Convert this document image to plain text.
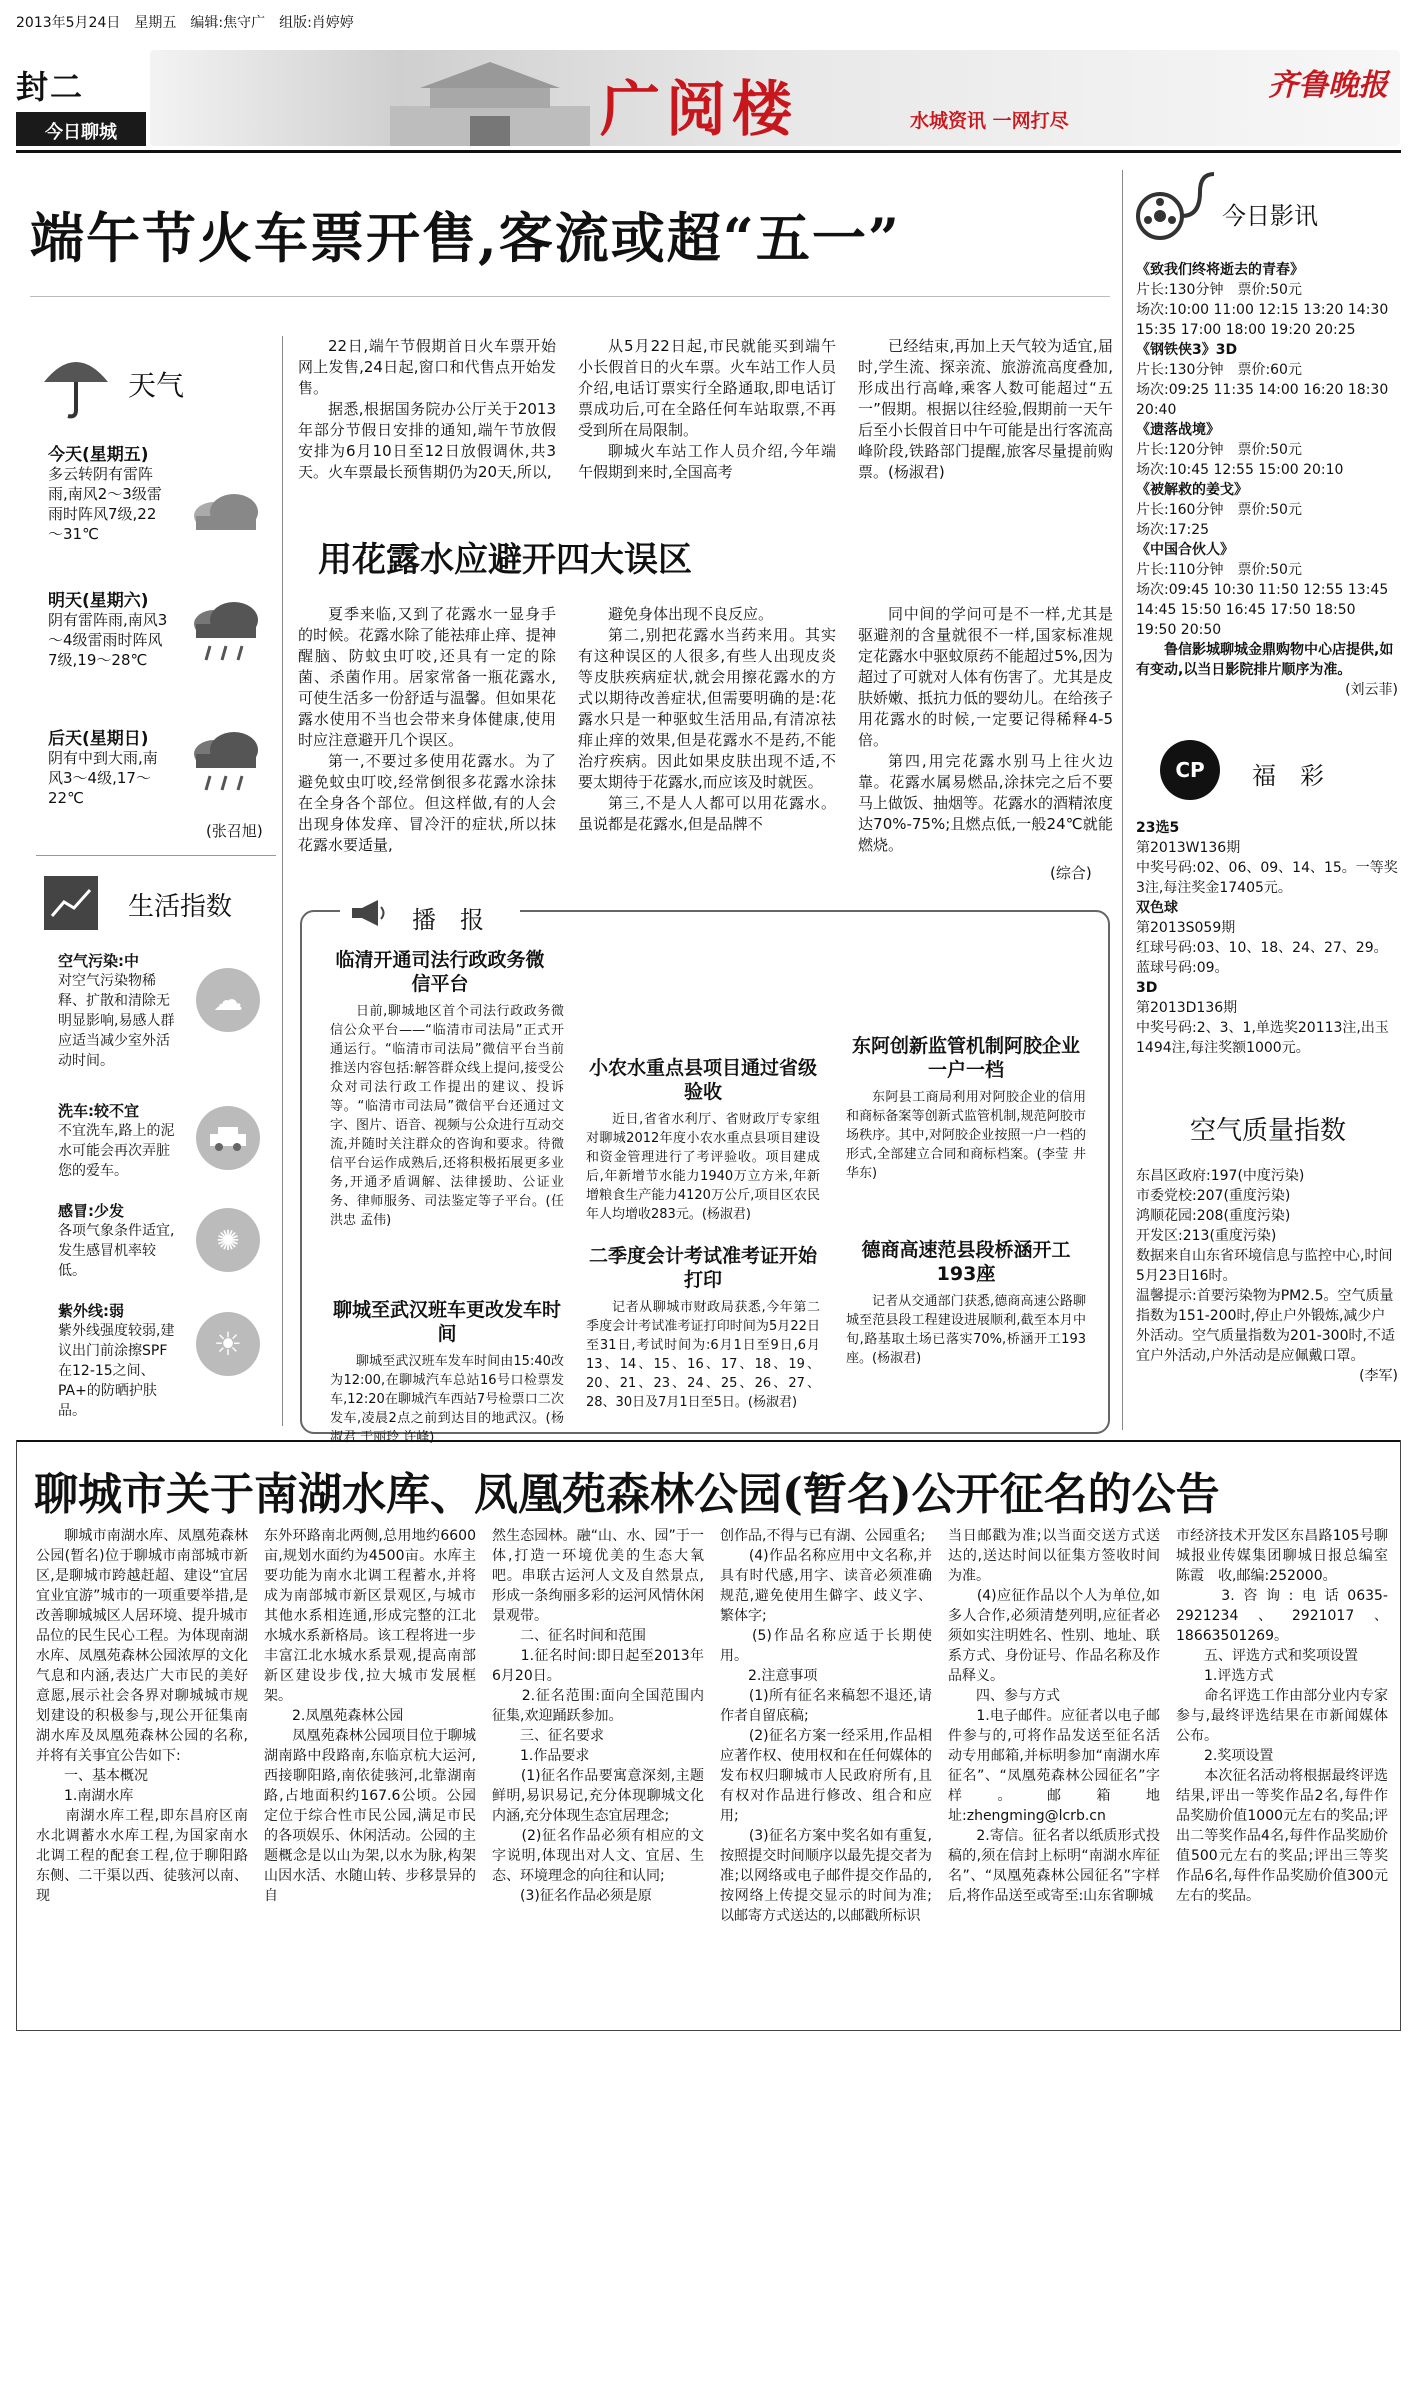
2013年5月24日　星期五　编辑:焦守广　组版:肖婷婷
封二
今日聊城	广阅楼	水城资讯 一网打尽
齐鲁晚报
端午节火车票开售,客流或超“五一”

22日,端午节假期首日火车票开始网上发售,24日起,窗口和代售点开始发售。

据悉,根据国务院办公厅关于2013年部分节假日安排的通知,端午节放假安排为6月10日至12日放假调休,共3天。火车票最长预售期仍为20天,所以,

从5月22日起,市民就能买到端午小长假首日的火车票。火车站工作人员介绍,电话订票实行全路通取,即电话订票成功后,可在全路任何车站取票,不再受到所在局限制。

聊城火车站工作人员介绍,今年端午假期到来时,全国高考

已经结束,再加上天气较为适宜,届时,学生流、探亲流、旅游流高度叠加,形成出行高峰,乘客人数可能超过“五一”假期。根据以往经验,假期前一天午后至小长假首日中午可能是出行客流高峰阶段,铁路部门提醒,旅客尽量提前购票。(杨淑君)

天气
今天(星期五)
多云转阴有雷阵雨,南风2～3级雷雨时阵风7级,22～31℃
明天(星期六)
阴有雷阵雨,南风3～4级雷雨时阵风7级,19～28℃
后天(星期日)
阴有中到大雨,南风3～4级,17～22℃
(张召旭)
生活指数
空气污染:中
对空气污染物稀释、扩散和清除无明显影响,易感人群应适当减少室外活动时间。
☁
洗车:较不宜
不宜洗车,路上的泥水可能会再次弄脏您的爱车。
感冒:少发
各项气象条件适宜,发生感冒机率较低。
✺
紫外线:弱
紫外线强度较弱,建议出门前涂擦SPF在12-15之间、PA+的防晒护肤品。
☀
用花露水应避开四大误区

夏季来临,又到了花露水一显身手的时候。花露水除了能祛痱止痒、提神醒脑、防蚊虫叮咬,还具有一定的除菌、杀菌作用。居家常备一瓶花露水,可使生活多一份舒适与温馨。但如果花露水使用不当也会带来身体健康,使用时应注意避开几个误区。

第一,不要过多使用花露水。为了避免蚊虫叮咬,经常倒很多花露水涂抹在全身各个部位。但这样做,有的人会出现身体发痒、冒冷汗的症状,所以抹花露水要适量,

避免身体出现不良反应。

第二,别把花露水当药来用。其实有这种误区的人很多,有些人出现皮炎等皮肤疾病症状,就会用擦花露水的方式以期待改善症状,但需要明确的是:花露水只是一种驱蚊生活用品,有清凉祛痱止痒的效果,但是花露水不是药,不能治疗疾病。因此如果皮肤出现不适,不要太期待于花露水,而应该及时就医。

第三,不是人人都可以用花露水。虽说都是花露水,但是品牌不

同中间的学问可是不一样,尤其是驱避剂的含量就很不一样,国家标准规定花露水中驱蚊原药不能超过5%,因为超过了可就对人体有伤害了。尤其是皮肤娇嫩、抵抗力低的婴幼儿。在给孩子用花露水的时候,一定要记得稀释4-5倍。

第四,用完花露水别马上往火边靠。花露水属易燃品,涂抹完之后不要马上做饭、抽烟等。花露水的酒精浓度达70%-75%;且燃点低,一般24℃就能燃烧。

(综合)
播　报
临清开通司法行政政务微信平台
日前,聊城地区首个司法行政政务微信公众平台——“临清市司法局”正式开通运行。“临清市司法局”微信平台当前推送内容包括:解答群众线上提问,接受公众对司法行政工作提出的建议、投诉等。“临清市司法局”微信平台还通过文字、图片、语音、视频与公众进行互动交流,并随时关注群众的咨询和要求。待微信平台运作成熟后,还将积极拓展更多业务,开通矛盾调解、法律援助、公证业务、律师服务、司法鉴定等子平台。(任洪忠 孟伟)
聊城至武汉班车更改发车时间
聊城至武汉班车发车时间由15:40改为12:00,在聊城汽车总站16号口检票发车,12:20在聊城汽车西站7号检票口二次发车,凌晨2点之前到达目的地武汉。(杨淑君 于丽玲 许峰)
小农水重点县项目通过省级验收
近日,省省水利厅、省财政厅专家组对聊城2012年度小农水重点县项目建设和资金管理进行了考评验收。项目建成后,年新增节水能力1940万立方米,年新增粮食生产能力4120万公斤,项目区农民年人均增收283元。(杨淑君)
二季度会计考试准考证开始打印
记者从聊城市财政局获悉,今年第二季度会计考试准考证打印时间为5月22日至31日,考试时间为:6月1日至9日,6月13、14、15、16、17、18、19、20、21、23、24、25、26、27、28、30日及7月1日至5日。(杨淑君)
东阿创新监管机制阿胶企业一户一档
东阿县工商局利用对阿胶企业的信用和商标备案等创新式监管机制,规范阿胶市场秩序。其中,对阿胶企业按照一户一档的形式,全部建立合同和商标档案。(李莹 井华东)
德商高速范县段桥涵开工193座
记者从交通部门获悉,德商高速公路聊城至范县段工程建设进展顺利,截至本月中旬,路基取土场已落实70%,桥涵开工193座。(杨淑君)
今日影讯
《致我们终将逝去的青春》
片长:130分钟　票价:50元
场次:10:00 11:00 12:15 13:20 14:30 15:35 17:00 18:00 19:20 20:25
《钢铁侠3》3D
片长:130分钟　票价:60元
场次:09:25 11:35 14:00 16:20 18:30 20:40
《遗落战境》
片长:120分钟　票价:50元
场次:10:45 12:55 15:00 20:10
《被解救的姜戈》
片长:160分钟　票价:50元
场次:17:25
《中国合伙人》
片长:110分钟　票价:50元
场次:09:45 10:30 11:50 12:55 13:45 14:45 15:50 16:45 17:50 18:50 19:50 20:50
鲁信影城聊城金鼎购物中心店提供,如有变动,以当日影院排片顺序为准。
(刘云菲)
CP 福　彩
23选5
第2013W136期
中奖号码:02、06、09、14、15。一等奖3注,每注奖金17405元。
双色球
第2013S059期
红球号码:03、10、18、24、27、29。
蓝球号码:09。
3D
第2013D136期
中奖号码:2、3、1,单选奖20113注,出玉1494注,每注奖额1000元。
空气质量指数
东昌区政府:197(中度污染)
市委党校:207(重度污染)
鸿顺花园:208(重度污染)
开发区:213(重度污染)
数据来自山东省环境信息与监控中心,时间5月23日16时。
温馨提示:首要污染物为PM2.5。空气质量指数为151-200时,停止户外锻炼,减少户外活动。空气质量指数为201-300时,不适宜户外活动,户外活动是应佩戴口罩。
(李军)
聊城市关于南湖水库、凤凰苑森林公园(暂名)公开征名的公告
　　聊城市南湖水库、凤凰苑森林公园(暂名)位于聊城市南部城市新区,是聊城市跨越赶超、建设“宜居宜业宜游”城市的一项重要举措,是改善聊城城区人居环境、提升城市品位的民生民心工程。为体现南湖水库、凤凰苑森林公园浓厚的文化气息和内涵,表达广大市民的美好意愿,展示社会各界对聊城城市规划建设的积极参与,现公开征集南湖水库及凤凰苑森林公园的名称,并将有关事宜公告如下:
　　一、基本概况
　　1.南湖水库
　　南湖水库工程,即东昌府区南水北调蓄水水库工程,为国家南水北调工程的配套工程,位于聊阳路东侧、二干渠以西、徒骇河以南、现
东外环路南北两侧,总用地约6600亩,规划水面约为4500亩。水库主要功能为南水北调工程蓄水,并将成为南部城市新区景观区,与城市其他水系相连通,形成完整的江北水城水系新格局。该工程将进一步丰富江北水城水系景观,提高南部新区建设步伐,拉大城市发展框架。
　　2.凤凰苑森林公园
　　凤凰苑森林公园项目位于聊城湖南路中段路南,东临京杭大运河,西接聊阳路,南依徒骇河,北靠湖南路,占地面积约167.6公顷。公园定位于综合性市民公园,满足市民的各项娱乐、休闲活动。公园的主题概念是以山为架,以水为脉,构架山因水活、水随山转、步移景异的自
然生态园林。融“山、水、园”于一体,打造一环境优美的生态大氧吧。串联古运河人文及自然景点,形成一条绚丽多彩的运河风情休闲景观带。
　　二、征名时间和范围
　　1.征名时间:即日起至2013年6月20日。
　　2.征名范围:面向全国范围内征集,欢迎踊跃参加。
　　三、征名要求
　　1.作品要求
　　(1)征名作品要寓意深刻,主题鲜明,易识易记,充分体现聊城文化内涵,充分体现生态宜居理念;
　　(2)征名作品必须有相应的文字说明,体现出对人文、宜居、生态、环境理念的向往和认同;
　　(3)征名作品必须是原
创作品,不得与已有湖、公园重名;
　　(4)作品名称应用中文名称,并具有时代感,用字、读音必须准确规范,避免使用生僻字、歧义字、繁体字;
　　(5)作品名称应适于长期使用。
　　2.注意事项
　　(1)所有征名来稿恕不退还,请作者自留底稿;
　　(2)征名方案一经采用,作品相应著作权、使用权和在任何媒体的发布权归聊城市人民政府所有,且有权对作品进行修改、组合和应用;
　　(3)征名方案中奖名如有重复,按照提交时间顺序以最先提交者为准;以网络或电子邮件提交作品的,按网络上传提交显示的时间为准;以邮寄方式送达的,以邮戳所标识
当日邮戳为准;以当面交送方式送达的,送达时间以征集方签收时间为准。
　　(4)应征作品以个人为单位,如多人合作,必须清楚列明,应征者必须如实注明姓名、性别、地址、联系方式、身份证号、作品名称及作品释义。
　　四、参与方式
　　1.电子邮件。应征者以电子邮件参与的,可将作品发送至征名活动专用邮箱,并标明参加“南湖水库征名”、“凤凰苑森林公园征名”字样。邮箱地址:zhengming@lcrb.cn
　　2.寄信。征名者以纸质形式投稿的,须在信封上标明“南湖水库征名”、“凤凰苑森林公园征名”字样后,将作品送至或寄至:山东省聊城
市经济技术开发区东昌路105号聊城报业传媒集团聊城日报总编室　陈霞　收,邮编:252000。
　　3.咨询:电话0635-2921234、2921017、18663501269。
　　五、评选方式和奖项设置
　　1.评选方式
　　命名评选工作由部分业内专家参与,最终评选结果在市新闻媒体公布。
　　2.奖项设置
　　本次征名活动将根据最终评选结果,评出一等奖作品2名,每件作品奖励价值1000元左右的奖品;评出二等奖作品4名,每件作品奖励价值500元左右的奖品;评出三等奖作品6名,每件作品奖励价值300元左右的奖品。
